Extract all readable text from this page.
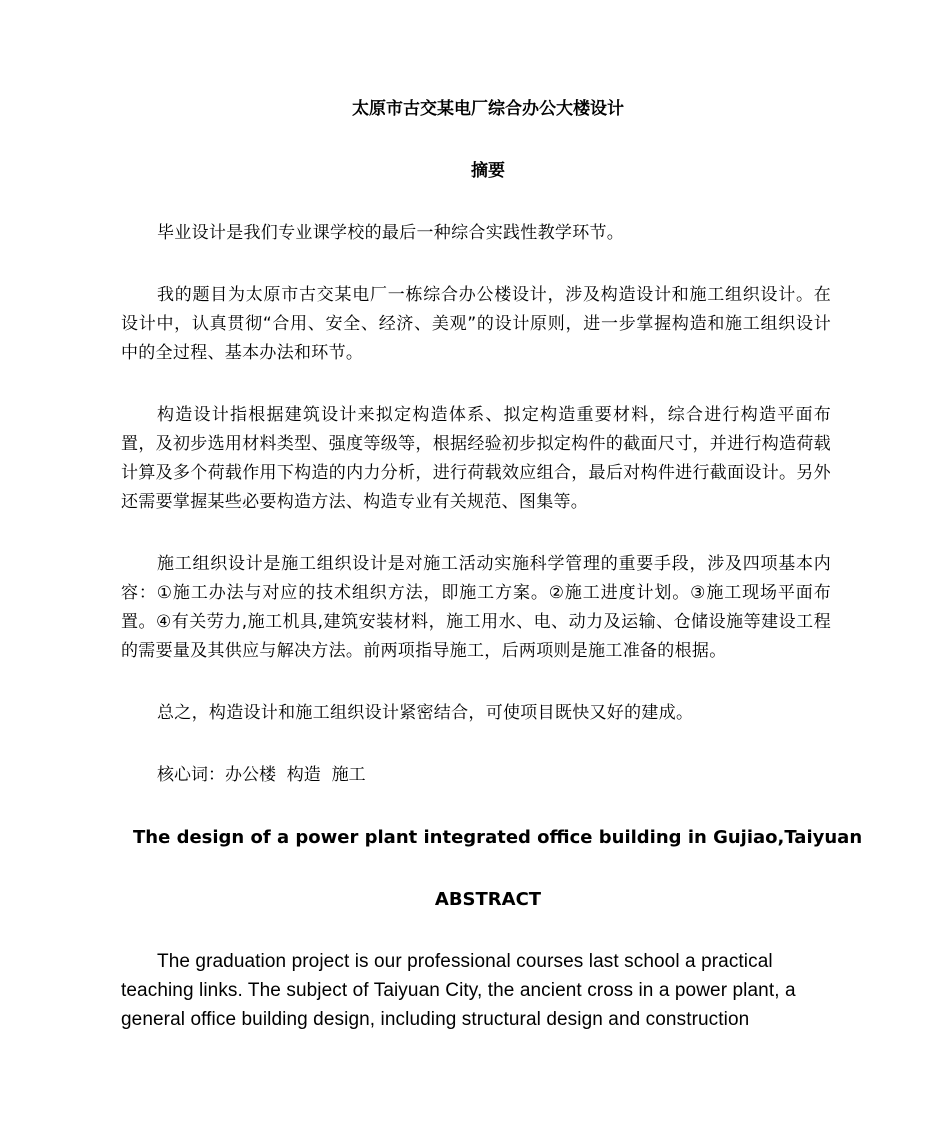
太原市古交某电厂综合办公大楼设计
摘要

毕业设计是我们专业课学校的最后一种综合实践性教学环节。

我的题目为太原市古交某电厂一栋综合办公楼设计，涉及构造设计和施工组织设计。在设计中，认真贯彻“合用、安全、经济、美观”的设计原则，进一步掌握构造和施工组织设计中的全过程、基本办法和环节。

构造设计指根据建筑设计来拟定构造体系、拟定构造重要材料，综合进行构造平面布置，及初步选用材料类型、强度等级等，根据经验初步拟定构件的截面尺寸，并进行构造荷载计算及多个荷载作用下构造的内力分析，进行荷载效应组合，最后对构件进行截面设计。另外还需要掌握某些必要构造方法、构造专业有关规范、图集等。

施工组织设计是施工组织设计是对施工活动实施科学管理的重要手段，涉及四项基本内容：①施工办法与对应的技术组织方法，即施工方案。②施工进度计划。③施工现场平面布置。④有关劳力,施工机具,建筑安装材料，施工用水、电、动力及运输、仓储设施等建设工程的需要量及其供应与解决方法。前两项指导施工，后两项则是施工准备的根据。

总之，构造设计和施工组织设计紧密结合，可使项目既快又好的建成。

核心词：办公楼  构造  施工

The design of a power plant integrated office building in Gujiao,Taiyuan
ABSTRACT

The graduation project is our professional courses last school a practical teaching links. The subject of Taiyuan City, the ancient cross in a power plant, a general office building design, including structural design and construction
